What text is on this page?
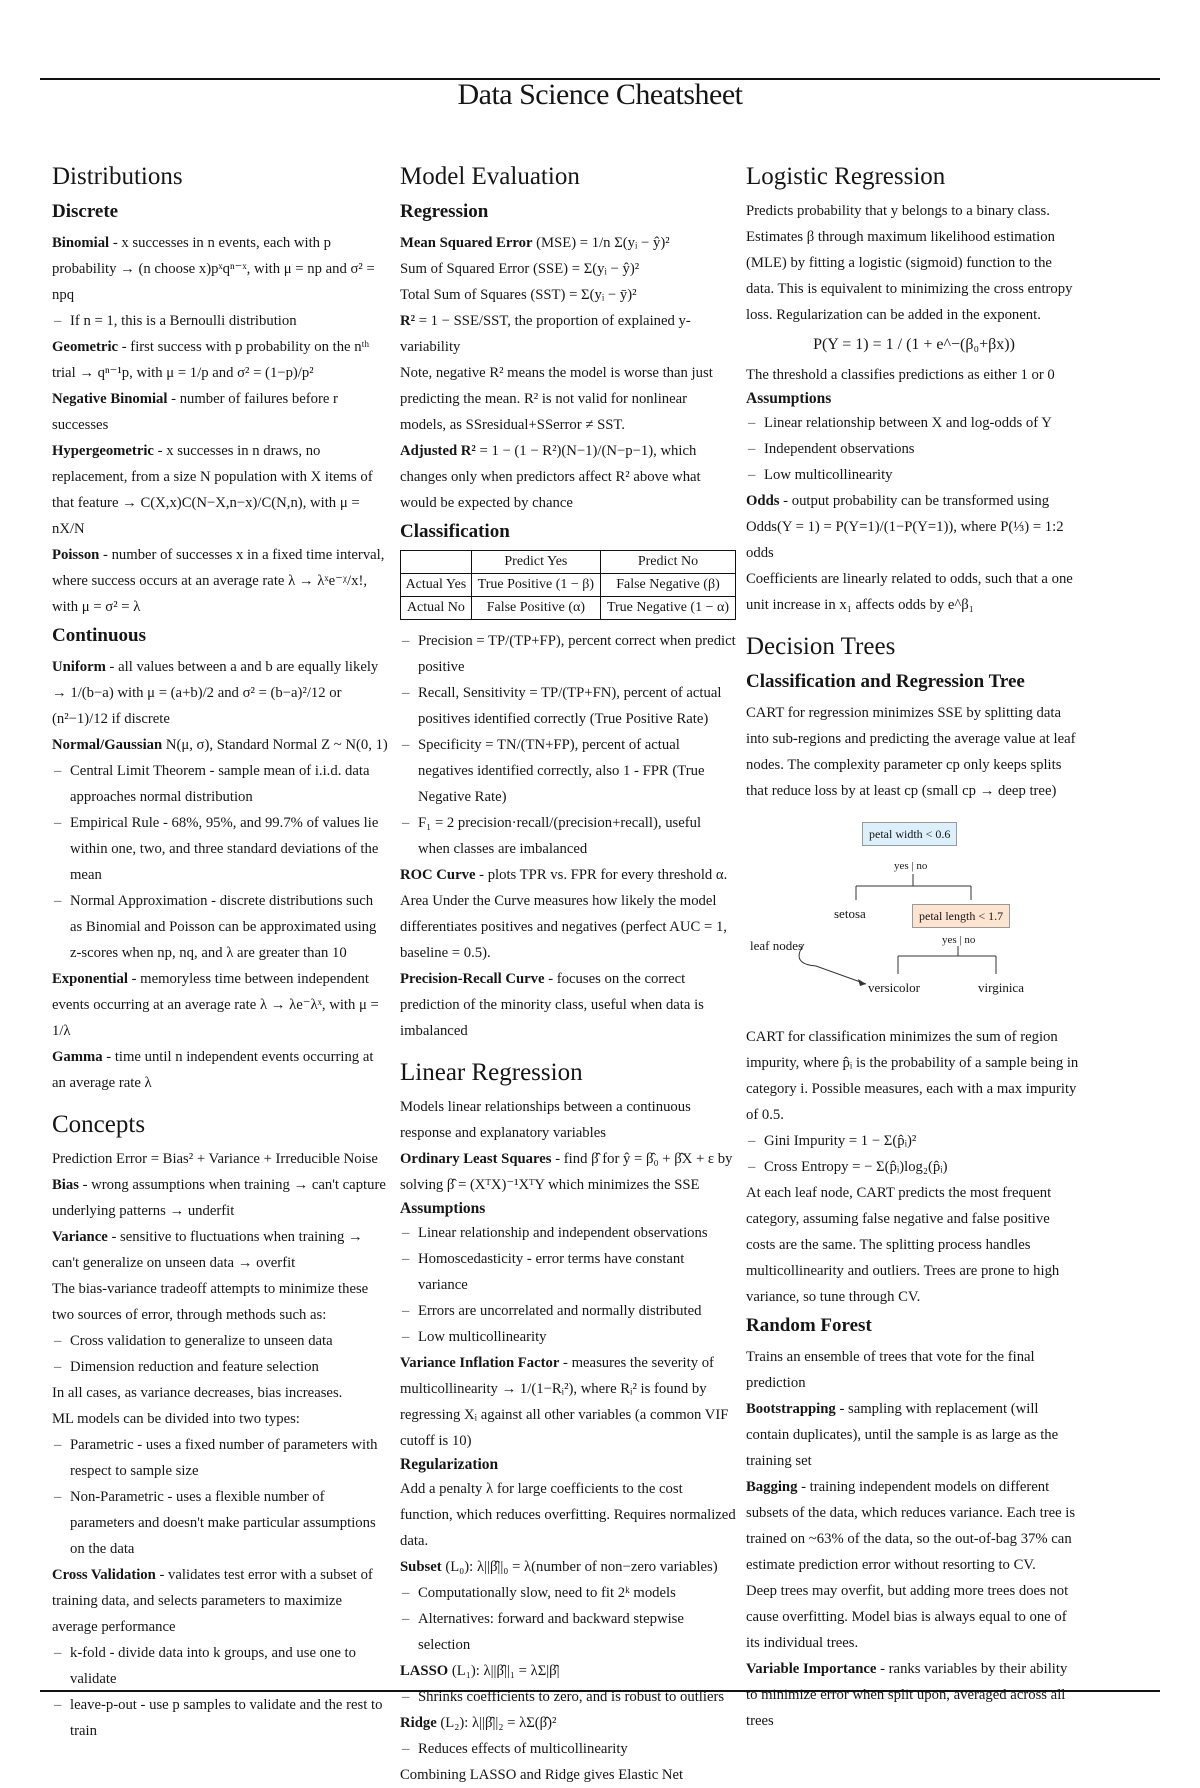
Data Science Cheatsheet
Distributions
Discrete

Binomial - x successes in n events, each with p probability → (n choose x)pˣqⁿ⁻ˣ, with μ = np and σ² = npq

– If n = 1, this is a Bernoulli distribution

Geometric - first success with p probability on the nᵗʰ trial → qⁿ⁻¹p, with μ = 1/p and σ² = (1−p)/p²

Negative Binomial - number of failures before r successes

Hypergeometric - x successes in n draws, no replacement, from a size N population with X items of that feature → C(X,x)C(N−X,n−x)/C(N,n), with μ = nX/N

Poisson - number of successes x in a fixed time interval, where success occurs at an average rate λ → λˣe⁻ᵡ/x!, with μ = σ² = λ

Continuous

Uniform - all values between a and b are equally likely → 1/(b−a) with μ = (a+b)/2 and σ² = (b−a)²/12 or (n²−1)/12 if discrete

Normal/Gaussian N(μ, σ), Standard Normal Z ~ N(0, 1)

– Central Limit Theorem - sample mean of i.i.d. data approaches normal distribution
– Empirical Rule - 68%, 95%, and 99.7% of values lie within one, two, and three standard deviations of the mean
– Normal Approximation - discrete distributions such as Binomial and Poisson can be approximated using z-scores when np, nq, and λ are greater than 10

Exponential - memoryless time between independent events occurring at an average rate λ → λe⁻λˣ, with μ = 1/λ

Gamma - time until n independent events occurring at an average rate λ

Concepts

Prediction Error = Bias² + Variance + Irreducible Noise

Bias - wrong assumptions when training → can't capture underlying patterns → underfit

Variance - sensitive to fluctuations when training → can't generalize on unseen data → overfit

The bias-variance tradeoff attempts to minimize these two sources of error, through methods such as:

– Cross validation to generalize to unseen data
– Dimension reduction and feature selection

In all cases, as variance decreases, bias increases.

ML models can be divided into two types:

– Parametric - uses a fixed number of parameters with respect to sample size
– Non-Parametric - uses a flexible number of parameters and doesn't make particular assumptions on the data

Cross Validation - validates test error with a subset of training data, and selects parameters to maximize average performance

– k-fold - divide data into k groups, and use one to validate
– leave-p-out - use p samples to validate and the rest to train
Model Evaluation
Regression

Mean Squared Error (MSE) = 1/n Σ(yᵢ − ŷ)²

Sum of Squared Error (SSE) = Σ(yᵢ − ŷ)²

Total Sum of Squares (SST) = Σ(yᵢ − ȳ)²

R² = 1 − SSE/SST, the proportion of explained y-variability

Note, negative R² means the model is worse than just predicting the mean. R² is not valid for nonlinear models, as SSresidual+SSerror ≠ SST.

Adjusted R² = 1 − (1 − R²)(N−1)/(N−p−1), which changes only when predictors affect R² above what would be expected by chance

Classification
	Predict Yes	Predict No
Actual Yes	True Positive (1 − β)	False Negative (β)
Actual No	False Positive (α)	True Negative (1 − α)
– Precision = TP/(TP+FP), percent correct when predict positive
– Recall, Sensitivity = TP/(TP+FN), percent of actual positives identified correctly (True Positive Rate)
– Specificity = TN/(TN+FP), percent of actual negatives identified correctly, also 1 - FPR (True Negative Rate)
– F₁ = 2 precision·recall/(precision+recall), useful when classes are imbalanced

ROC Curve - plots TPR vs. FPR for every threshold α. Area Under the Curve measures how likely the model differentiates positives and negatives (perfect AUC = 1, baseline = 0.5).

Precision-Recall Curve - focuses on the correct prediction of the minority class, useful when data is imbalanced

Linear Regression

Models linear relationships between a continuous response and explanatory variables

Ordinary Least Squares - find β̂ for ŷ = β̂₀ + β̂X + ε by solving β̂ = (XᵀX)⁻¹XᵀY which minimizes the SSE

Assumptions
– Linear relationship and independent observations
– Homoscedasticity - error terms have constant variance
– Errors are uncorrelated and normally distributed
– Low multicollinearity

Variance Inflation Factor - measures the severity of multicollinearity → 1/(1−Rᵢ²), where Rᵢ² is found by regressing Xᵢ against all other variables (a common VIF cutoff is 10)

Regularization

Add a penalty λ for large coefficients to the cost function, which reduces overfitting. Requires normalized data.

Subset (L₀): λ||β̂||₀ = λ(number of non−zero variables)

– Computationally slow, need to fit 2ᵏ models
– Alternatives: forward and backward stepwise selection

LASSO (L₁): λ||β̂||₁ = λΣ|β̂|

– Shrinks coefficients to zero, and is robust to outliers

Ridge (L₂): λ||β̂||₂ = λΣ(β̂)²

– Reduces effects of multicollinearity

Combining LASSO and Ridge gives Elastic Net

Logistic Regression

Predicts probability that y belongs to a binary class. Estimates β through maximum likelihood estimation (MLE) by fitting a logistic (sigmoid) function to the data. This is equivalent to minimizing the cross entropy loss. Regularization can be added in the exponent.

P(Y = 1) = 1 / (1 + e^−(β₀+βx))

The threshold a classifies predictions as either 1 or 0

Assumptions
– Linear relationship between X and log-odds of Y
– Independent observations
– Low multicollinearity

Odds - output probability can be transformed using Odds(Y = 1) = P(Y=1)/(1−P(Y=1)), where P(⅓) = 1:2 odds

Coefficients are linearly related to odds, such that a one unit increase in x₁ affects odds by e^β₁

Decision Trees
Classification and Regression Tree

CART for regression minimizes SSE by splitting data into sub-regions and predicting the average value at leaf nodes. The complexity parameter cp only keeps splits that reduce loss by at least cp (small cp → deep tree)

petal width < 0.6
yes | no
setosa	petal length < 1.7
yes | no
leaf nodes
versicolor	virginica

CART for classification minimizes the sum of region impurity, where p̂ᵢ is the probability of a sample being in category i. Possible measures, each with a max impurity of 0.5.

– Gini Impurity = 1 − Σ(p̂ᵢ)²
– Cross Entropy = − Σ(p̂ᵢ)log₂(p̂ᵢ)

At each leaf node, CART predicts the most frequent category, assuming false negative and false positive costs are the same. The splitting process handles multicollinearity and outliers. Trees are prone to high variance, so tune through CV.

Random Forest

Trains an ensemble of trees that vote for the final prediction

Bootstrapping - sampling with replacement (will contain duplicates), until the sample is as large as the training set

Bagging - training independent models on different subsets of the data, which reduces variance. Each tree is trained on ~63% of the data, so the out-of-bag 37% can estimate prediction error without resorting to CV.

Deep trees may overfit, but adding more trees does not cause overfitting. Model bias is always equal to one of its individual trees.

Variable Importance - ranks variables by their ability to minimize error when split upon, averaged across all trees
